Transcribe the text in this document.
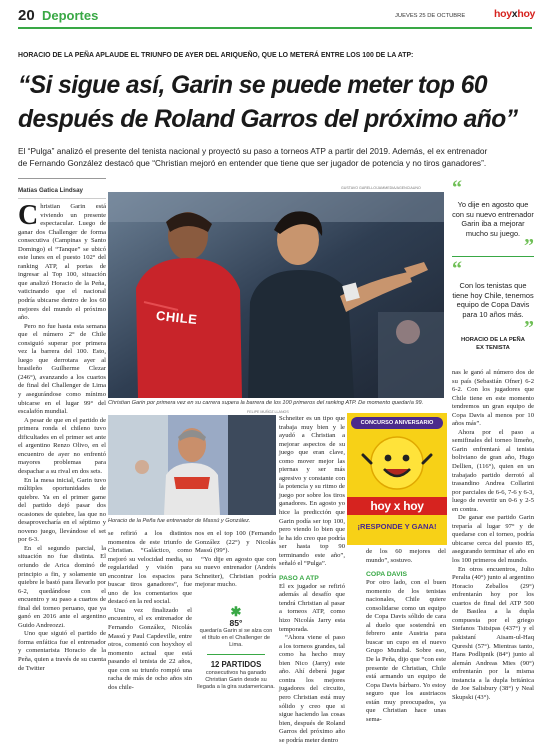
20 Deportes	JUEVES 25 DE OCTUBRE	hoyxhoy
HORACIO DE LA PEÑA APLAUDE EL TRIUNFO DE AYER DEL ARIQUEÑO, QUE LO METERÁ ENTRE LOS 100 DE LA ATP:
“Si sigue así, Garin se puede meter top 60
después de Roland Garros del próximo año”
El “Pulga” analizó el presente del tenista nacional y proyectó su paso a torneos ATP a partir del 2019. Además, el ex entrenador
de Fernando González destacó que “Christian mejoró en entender que tiene que ser jugador de potencia y no tiros ganadores”.
Matías Gatica Lindsay

Christian Garin está viviendo un presente espectacular. Luego de ganar dos Challenger de forma consecutiva (Campinas y Santo Domingo) el “Tanque” se ubicó este lunes en el puesto 102° del ranking ATP, al portas de ingresar al Top 100, situación que analizó Horacio de la Peña, vaticinando que el nacional podría ubicarse dentro de los 60 mejores del mundo el próximo año.

Pero no fue hasta esta semana que el número 2° de Chile consiguió superar por primera vez la barrera del 100. Esto, luego que derrotara ayer al brasileño Guilherme Clezar (246°), avanzando a los cuartos de final del Challenger de Lima y asegurándose como mínimo ubicarse en el lugar 99° del escalafón mundial.

A pesar de que en el partido de primera ronda el chileno tuvo dificultades en el primer set ante el argentino Renzo Olivo, en el encuentro de ayer no enfrentó mayores problemas para despachar a su rival en dos sets.

En la mesa inicial, Garin tuvo múltiples oportunidades de quiebre. Ya en el primer game del partido dejó pasar dos ocasiones de quiebre, las que no desaprovecharía en el séptimo y noveno juego, llevándose el set por 6-3.

En el segundo parcial, la situación no fue distinta. El oriundo de Arica dominó de principio a fin, y solamente un quiebre le bastó para llevarlo por 6-2, quedándose con el encuentro y su paso a cuartos de final del torneo peruano, que ya ganó en 2016 ante el argentino Guido Andreozzi.

Uno que siguió el partido de forma enfática fue el entrenador y comentarista Horacio de la Peña, quien a través de su cuenta de Twitter

GUSTAVO GARELLO/JAMMEDIA/AGENCIAUNO
CHILE
Christian Garin por primera vez en su carrera supera la barrera de los 100 primeros del ranking ATP. De momento quedaría 99.
FELIPE MUÑOZ LLANOS
Horacio de la Peña fue entrenador de Massú y González.

se refirió a los distintos momentos de este triunfo de Christian. “Galáctico, como mejoró su velocidad media, su regularidad y visión para encontrar los espacios para buscar tiros ganadores”, fue uno de los comentarios que destacó en la red social.

Una vez finalizado el encuentro, el ex entrenador de Fernando González, Nicolás Massú y Paul Capdeville, entre otros, comentó con hoyxhoy el momento actual que está pasando el tenista de 22 años, que con su triunfo rompió una racha de más de ocho años sin dos chile-

nos en el top 100 (Fernando González (22°) y Nicolás Massú (99°).

“Yo dije en agosto que con su nuevo entrenador (Andrés Schneiter), Christian podría mejorar mucho.

✱
85°
quedaría Garin si se alza con el título en el Challenger de Lima.
12 PARTIDOS
consecutivos ha ganado Christian Garin desde su llegada a la gira sudamericana.

Schneiter es un tipo que trabaja muy bien y le ayudó a Christian a mejorar aspectos de su juego que eran clave, como mover mejor las piernas y ser más agresivo y constante con la potencia y su ritmo de juego por sobre los tiros ganadores. En agosto yo hice la predicción que Garin podía ser top 100, pero viendo lo bien que le ha ido creo que podría ser hasta top 90 terminando este año”, señaló el “Pulga”.

PASO A ATP

El ex jugador se refirió además al desafío que tendrá Christian al pasar a torneos ATP, como hizo Nicolás Jarry esta temporada.

“Ahora viene el paso a los torneos grandes, tal como ha hecho muy bien Nico (Jarry) este año. Ahí deberá jugar contra los mejores jugadores del circuito, pero Christian está muy sólido y creo que si sigue haciendo las cosas bien, después de Roland Garros del próximo año se podría meter dentro

CONCURSO ANIVERSARIO
hoy x hoy
¡RESPONDE Y GANA!

de los 60 mejores del mundo”, sostuvo.

COPA DAVIS

Por otro lado, con el buen momento de los tenistas nacionales, Chile quiere consolidarse como un equipo de Copa Davis sólido de cara al duelo que sostendrá en febrero ante Austria para buscar un cupo en el nuevo Grupo Mundial. Sobre eso, De la Peña, dijo que “con este presente de Christian, Chile está armando un equipo de Copa Davis bárbaro. Yo estoy seguro que los austriacos están muy preocupados, ya que Christian hace unas sema-

“
Yo dije en agosto que con su nuevo entrenador Garin iba a mejorar mucho su juego.
”
“
Con los tenistas que tiene hoy Chile, tenemos equipo de Copa Davis para 10 años más.
”
HORACIO DE LA PEÑA
EX TENISTA

nas le ganó al número dos de su país (Sebastián Ofner) 6-2 6-2. Con los jugadores que Chile tiene en este momento tendremos un gran equipo de Copa Davis al menos por 10 años más”.

Ahora por el paso a semifinales del torneo limeño, Garin enfrentará al tenista boliviano de gran año, Hugo Dellien, (116°), quien en un trabajado partido derrotó al trasandino Andrea Collarini por parciales de 6-6, 7-6 y 6-3, luego de revertir un 0-6 y 2-5 en contra.

De ganar ese partido Garin treparía al lugar 97° y de quedarse con el torneo, podría ubicarse cerca del puesto 85, asegurando terminar el año en los 100 primeros del mundo.

En otros encuentros, Julio Peralta (40°) junto al argentino Horacio Zeballos (29°) enfrentarán hoy por los cuartos de final del ATP 500 de Basilea a la dupla compuesta por el griego Stefanos Tsitsipas (437°) y el pakistaní Aisam-ul-Haq Qureshi (57°). Mientras tanto, Hans Podlipnik (84°) junto al alemán Andreas Mies (90°) enfrentarán por la misma instancia a la dupla británica de Joe Salisbury (38°) y Neal Skupski (43°).
